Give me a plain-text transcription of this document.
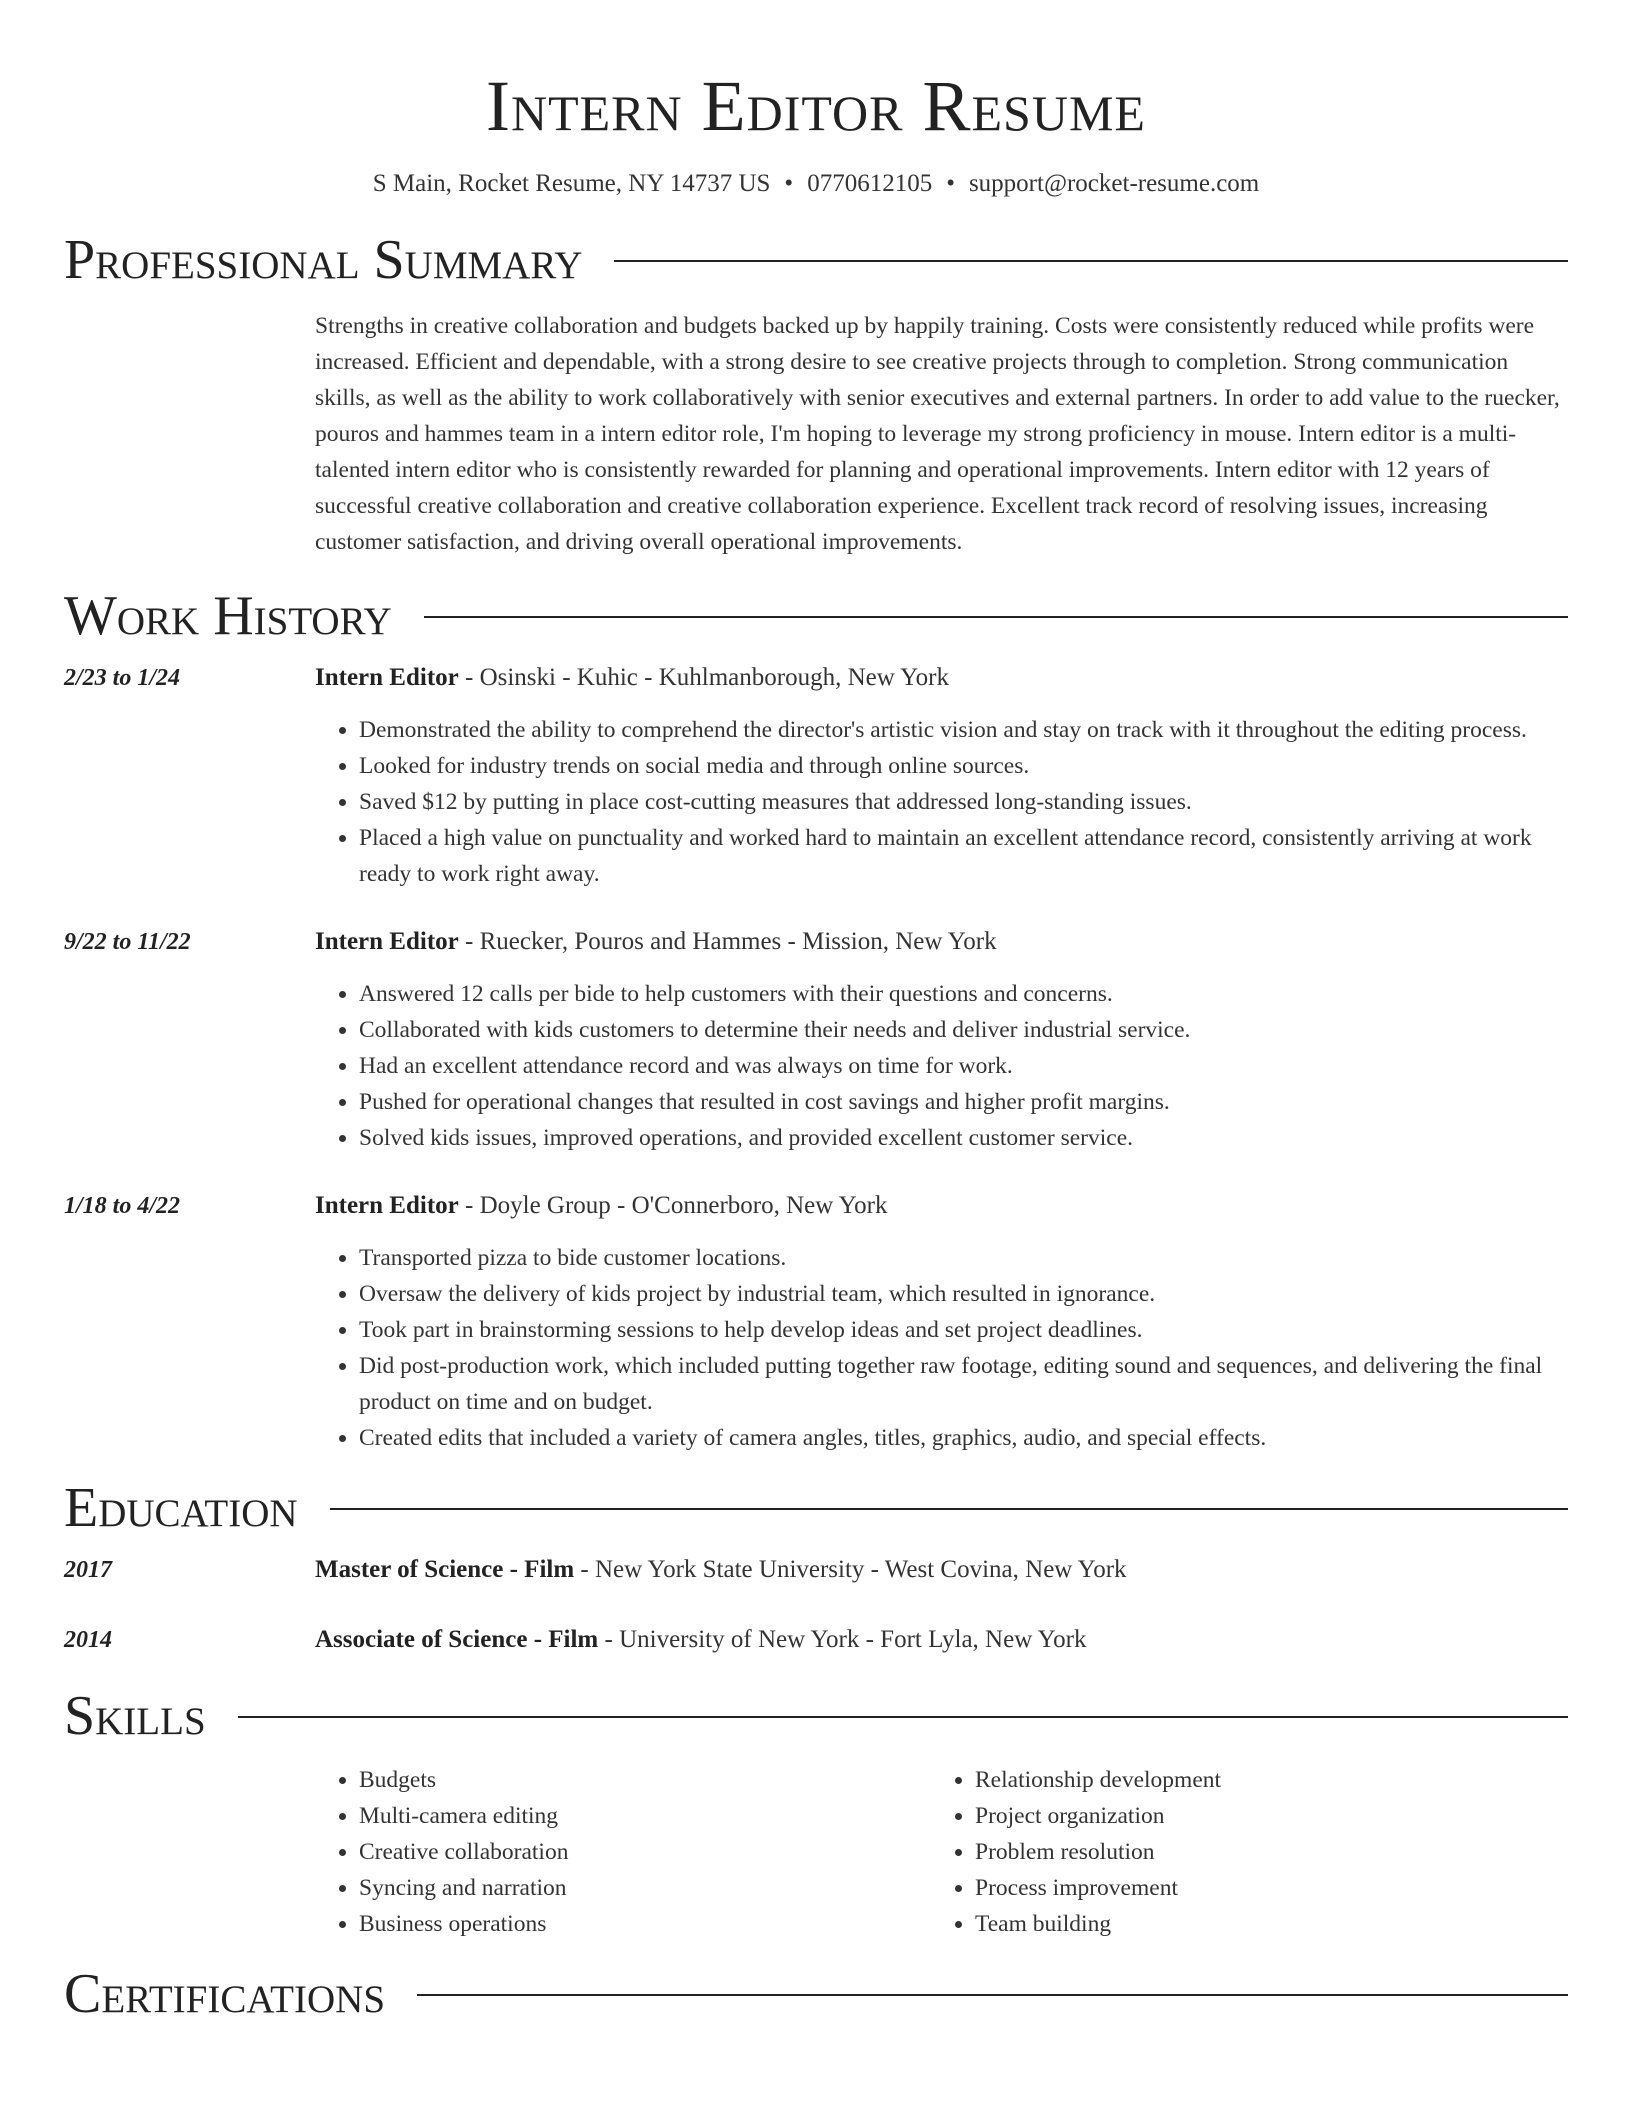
Intern Editor Resume
S Main, Rocket Resume, NY 14737 US • 0770612105 • support@rocket-resume.com
Professional Summary
Strengths in creative collaboration and budgets backed up by happily training. Costs were consistently reduced while profits were increased. Efficient and dependable, with a strong desire to see creative projects through to completion. Strong communication skills, as well as the ability to work collaboratively with senior executives and external partners. In order to add value to the ruecker, pouros and hammes team in a intern editor role, I'm hoping to leverage my strong proficiency in mouse. Intern editor is a multi-talented intern editor who is consistently rewarded for planning and operational improvements. Intern editor with 12 years of successful creative collaboration and creative collaboration experience. Excellent track record of resolving issues, increasing customer satisfaction, and driving overall operational improvements.
Work History
2/23 to 1/24	Intern Editor - Osinski - Kuhic - Kuhlmanborough, New York
• Demonstrated the ability to comprehend the director's artistic vision and stay on track with it throughout the editing process.
• Looked for industry trends on social media and through online sources.
• Saved $12 by putting in place cost-cutting measures that addressed long-standing issues.
• Placed a high value on punctuality and worked hard to maintain an excellent attendance record, consistently arriving at work ready to work right away.
9/22 to 11/22	Intern Editor - Ruecker, Pouros and Hammes - Mission, New York
• Answered 12 calls per bide to help customers with their questions and concerns.
• Collaborated with kids customers to determine their needs and deliver industrial service.
• Had an excellent attendance record and was always on time for work.
• Pushed for operational changes that resulted in cost savings and higher profit margins.
• Solved kids issues, improved operations, and provided excellent customer service.
1/18 to 4/22	Intern Editor - Doyle Group - O'Connerboro, New York
• Transported pizza to bide customer locations.
• Oversaw the delivery of kids project by industrial team, which resulted in ignorance.
• Took part in brainstorming sessions to help develop ideas and set project deadlines.
• Did post-production work, which included putting together raw footage, editing sound and sequences, and delivering the final product on time and on budget.
• Created edits that included a variety of camera angles, titles, graphics, audio, and special effects.
Education
2017	Master of Science - Film - New York State University - West Covina, New York
2014	Associate of Science - Film - University of New York - Fort Lyla, New York
Skills
• Budgets
• Multi-camera editing
• Creative collaboration
• Syncing and narration
• Business operations
• Relationship development
• Project organization
• Problem resolution
• Process improvement
• Team building
Certifications
